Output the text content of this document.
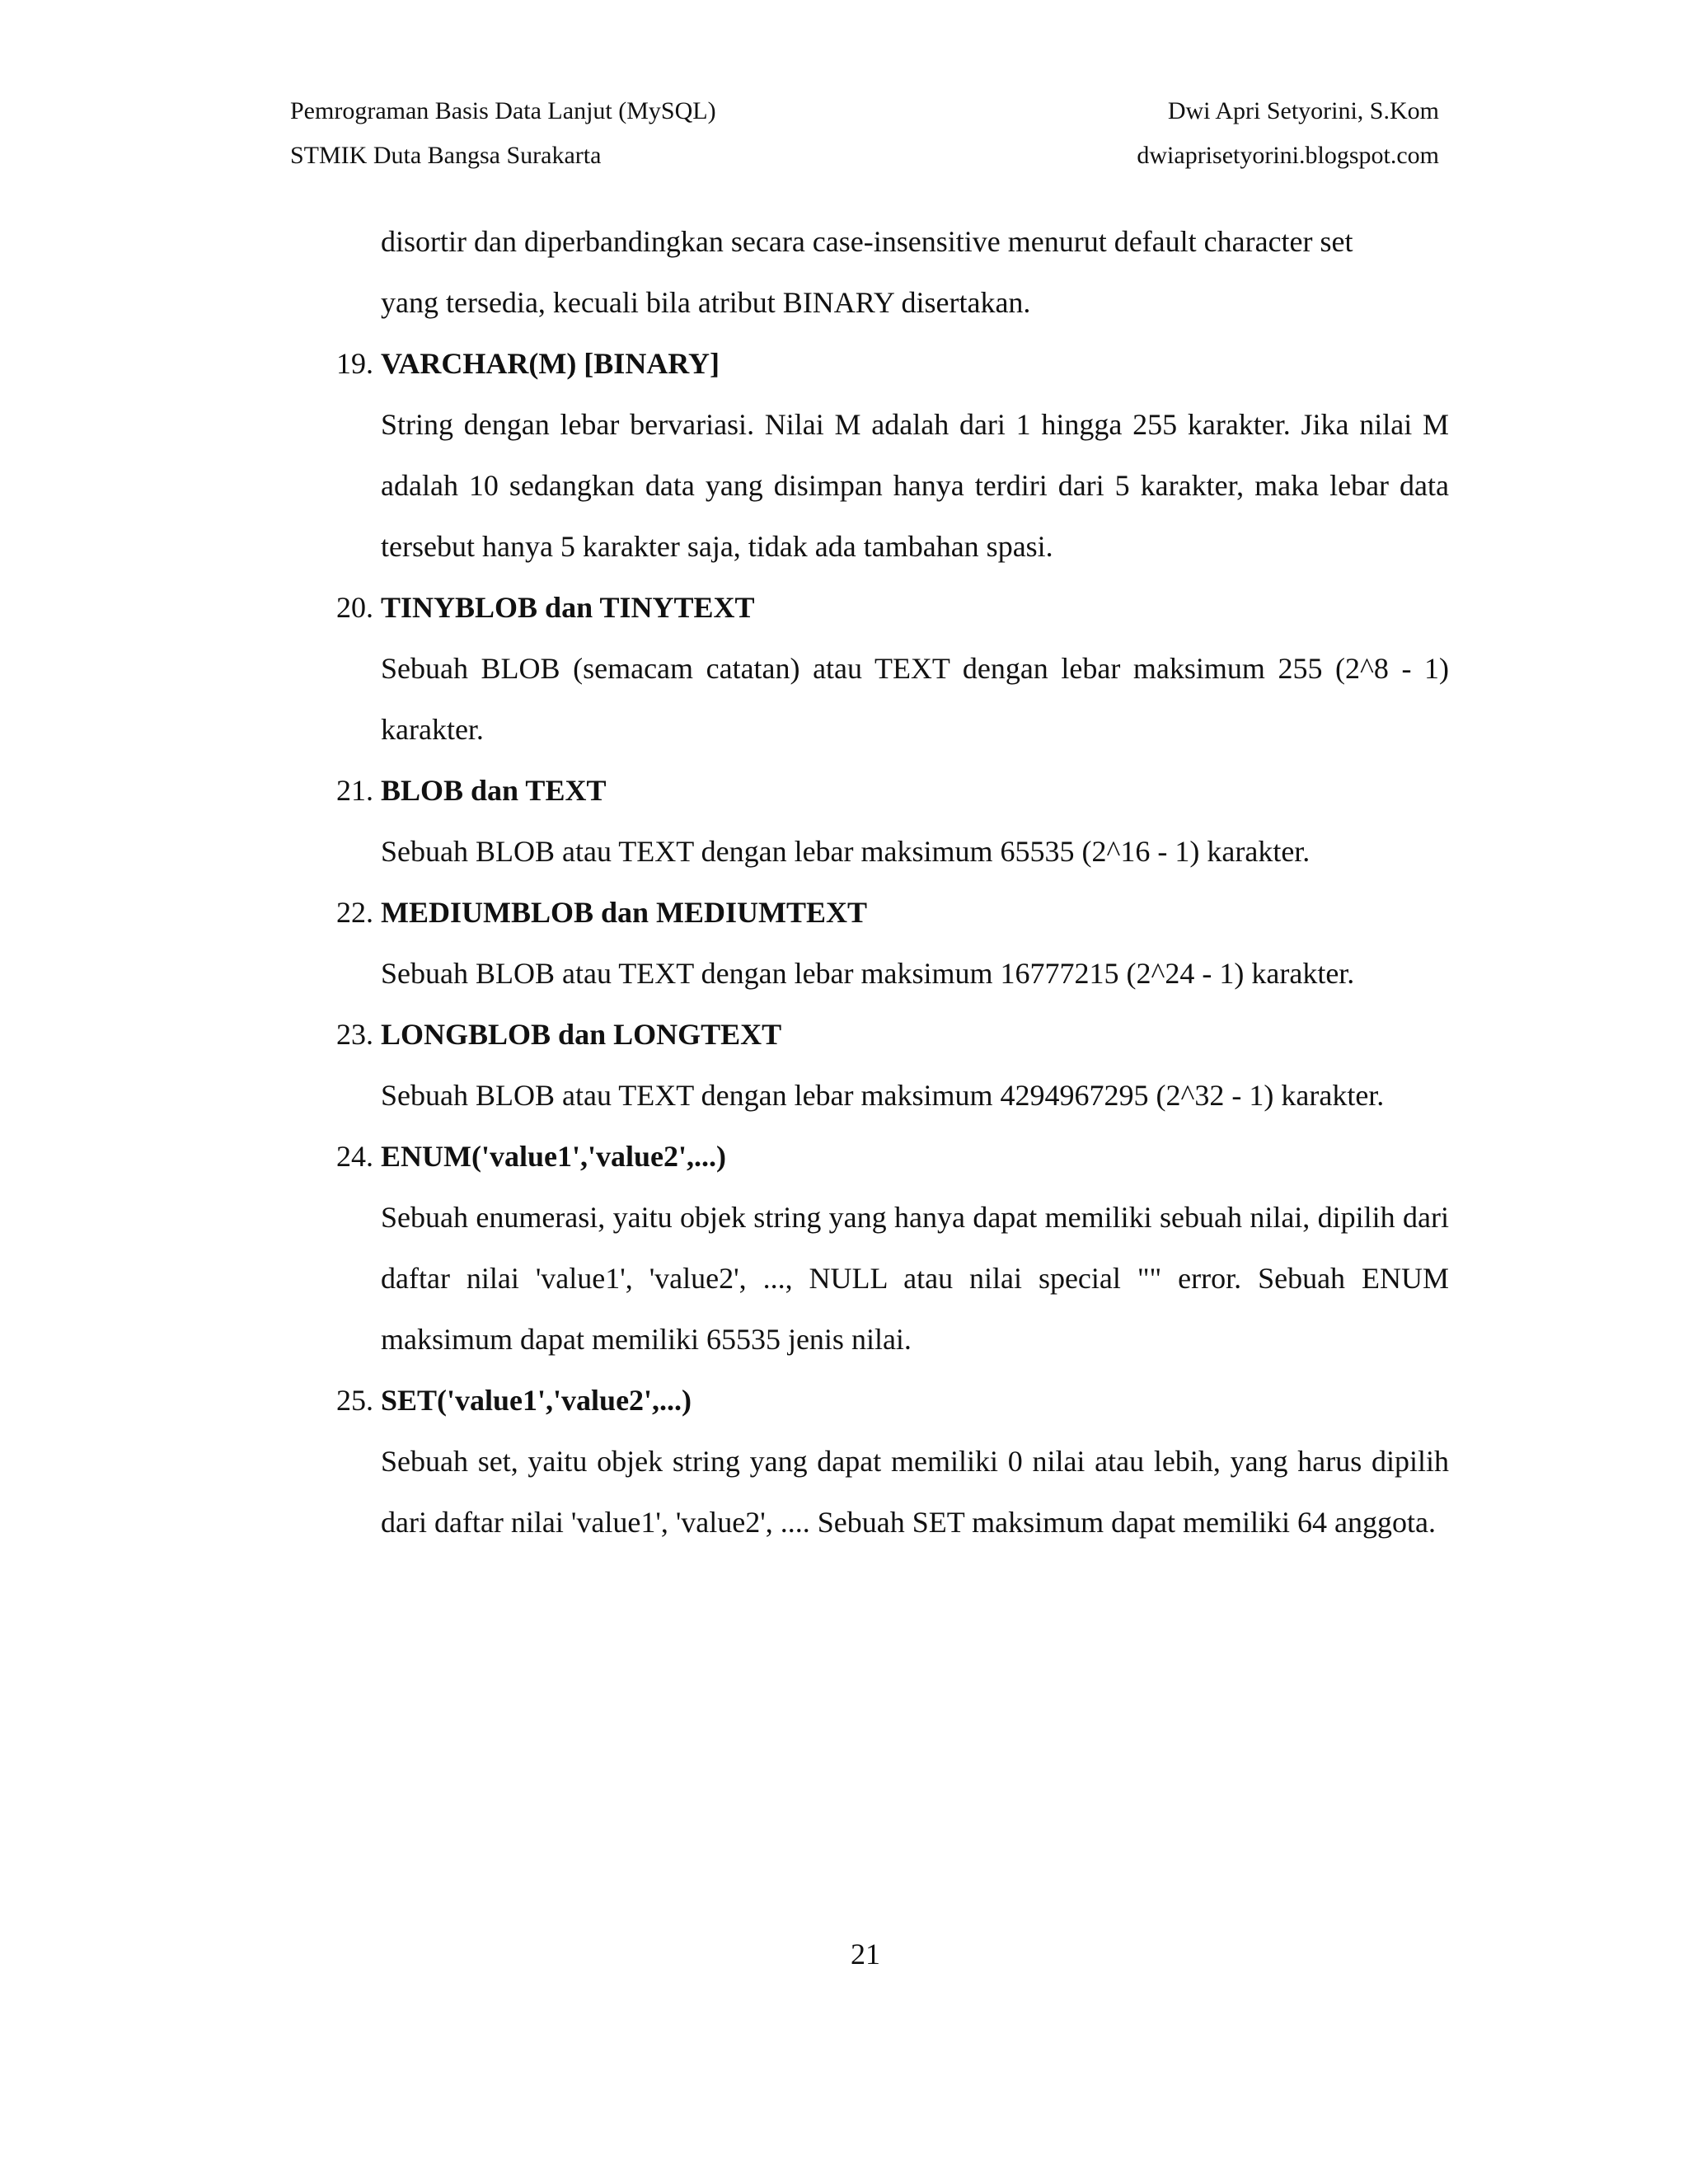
Pemrograman Basis Data Lanjut (MySQL)	Dwi Apri Setyorini, S.Kom
STMIK Duta Bangsa Surakarta	dwiaprisetyorini.blogspot.com

disortir dan diperbandingkan secara case-insensitive menurut default character set
yang tersedia, kecuali bila atribut BINARY disertakan.

19. VARCHAR(M) [BINARY]

String dengan lebar bervariasi. Nilai M adalah dari 1 hingga 255 karakter. Jika nilai M adalah 10 sedangkan data yang disimpan hanya terdiri dari 5 karakter, maka lebar data tersebut hanya 5 karakter saja, tidak ada tambahan spasi.

20. TINYBLOB dan TINYTEXT

Sebuah BLOB (semacam catatan) atau TEXT dengan lebar maksimum 255 (2^8 - 1) karakter.

21. BLOB dan TEXT

Sebuah BLOB atau TEXT dengan lebar maksimum 65535 (2^16 - 1) karakter.

22. MEDIUMBLOB dan MEDIUMTEXT

Sebuah BLOB atau TEXT dengan lebar maksimum 16777215 (2^24 - 1) karakter.

23. LONGBLOB dan LONGTEXT

Sebuah BLOB atau TEXT dengan lebar maksimum 4294967295 (2^32 - 1) karakter.

24. ENUM('value1','value2',...)

Sebuah enumerasi, yaitu objek string yang hanya dapat memiliki sebuah nilai, dipilih dari daftar nilai 'value1', 'value2', ..., NULL atau nilai special "" error. Sebuah ENUM maksimum dapat memiliki 65535 jenis nilai.

25. SET('value1','value2',...)

Sebuah set, yaitu objek string yang dapat memiliki 0 nilai atau lebih, yang harus dipilih dari daftar nilai 'value1', 'value2', .... Sebuah SET maksimum dapat memiliki 64 anggota.

21
